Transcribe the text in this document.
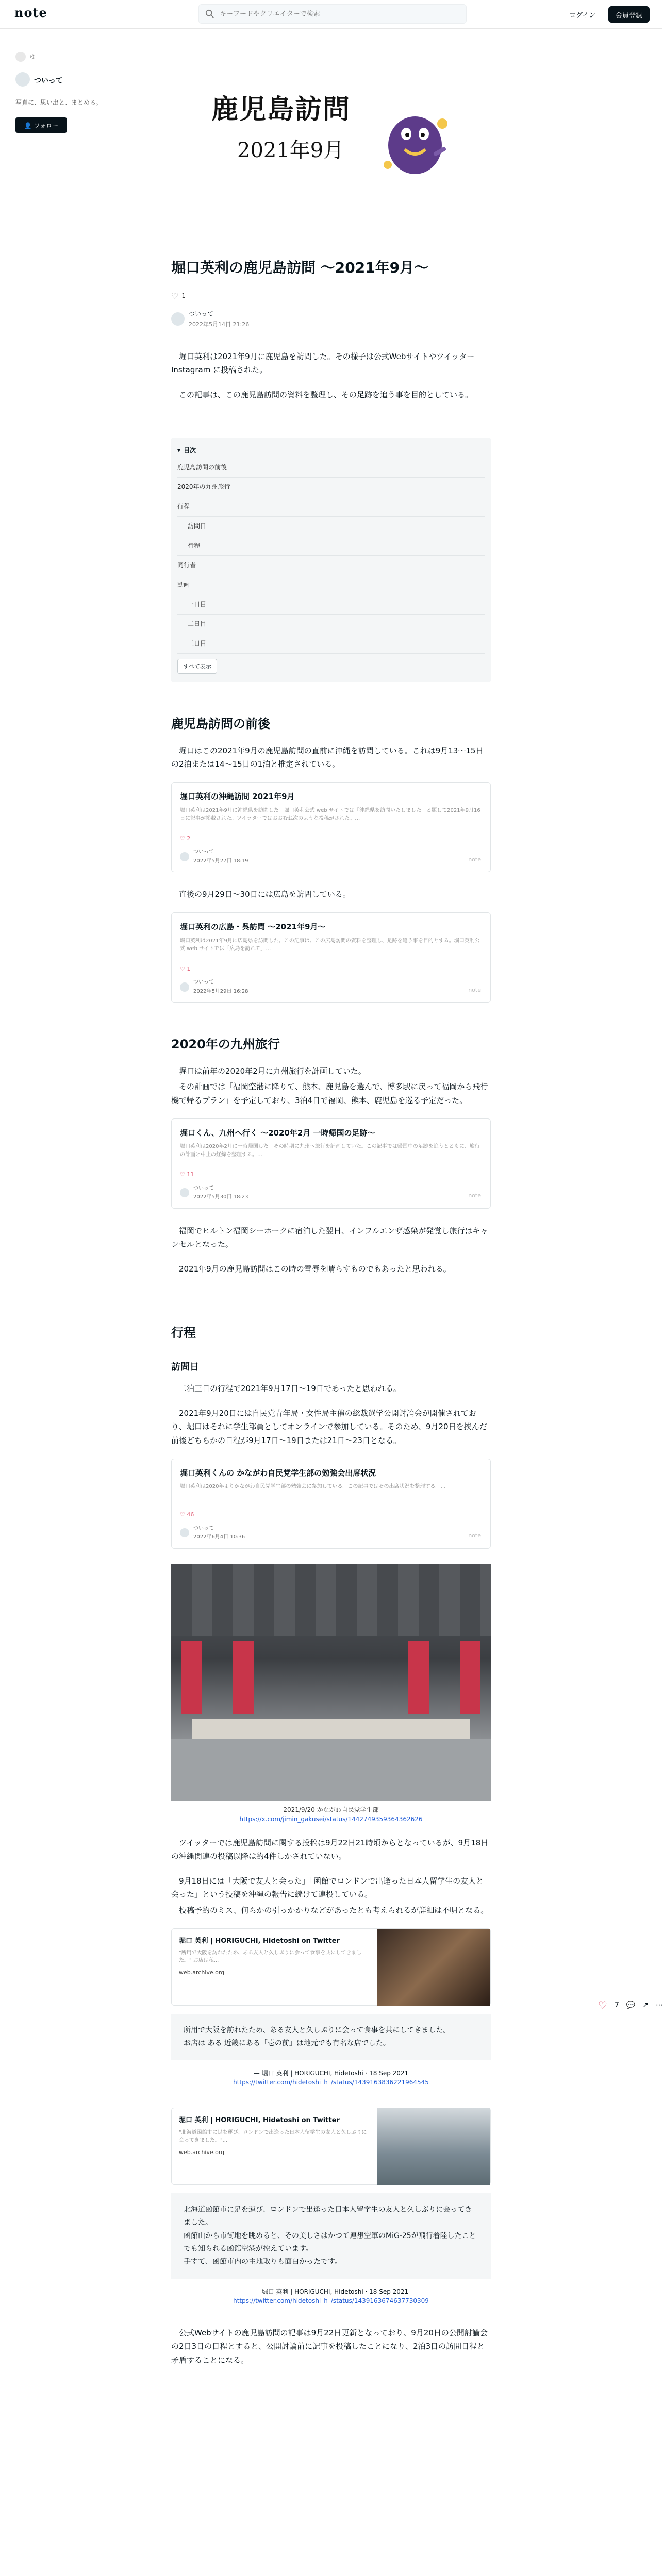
note
キーワードやクリエイターで検索	ログイン	会員登録
ゆ
ついって
写真に、思い出と、まとめる。
👤 フォロー
鹿児島訪問
2021年9月
堀口英利の鹿児島訪問 〜2021年9月〜
♡ 1
ついって
2022年5月14日 21:26

堀口英利は2021年9月に鹿児島を訪問した。その様子は公式WebサイトやツイッターInstagram に投稿された。

この記事は、この鹿児島訪問の資料を整理し、その足跡を追う事を目的としている。

▾ 目次
鹿児島訪問の前後
2020年の九州旅行
行程
訪問日
行程
同行者
動画
一日目
二日目
三日目
すべて表示
鹿児島訪問の前後

堀口はこの2021年9月の鹿児島訪問の直前に沖縄を訪問している。これは9月13〜15日の2泊または14〜15日の1泊と推定されている。

堀口英利の沖縄訪問 2021年9月
堀口英利は2021年9月に沖縄県を訪問した。堀口英利公式 web サイトでは「沖縄県を訪問いたしました」と題して2021年9月16日に記事が掲載された。ツイッターではおおむね次のような投稿がされた。…
♡ 2
ついって
2022年5月27日 18:19	note

直後の9月29日〜30日には広島を訪問している。

堀口英利の広島・呉訪問 〜2021年9月〜
堀口英利は2021年9月に広島県を訪問した。この記事は、この広島訪問の資料を整理し、足跡を追う事を目的とする。堀口英利公式 web サイトでは「広島を訪れて」…
♡ 1
ついって
2022年5月29日 16:28	note
2020年の九州旅行

堀口は前年の2020年2月に九州旅行を計画していた。

その計画では「福岡空港に降りて、熊本、鹿児島を選んで、博多駅に戻って福岡から飛行機で帰るプラン」を予定しており、3泊4日で福岡、熊本、鹿児島を巡る予定だった。

堀口くん、九州へ行く 〜2020年2月 一時帰国の足跡〜
堀口英利は2020年2月に一時帰国した。その時期に九州へ旅行を計画していた。この記事では帰国中の足跡を追うとともに、旅行の計画と中止の経緯を整理する。…
♡ 11
ついって
2022年5月30日 18:23	note

福岡でヒルトン福岡シーホークに宿泊した翌日、インフルエンザ感染が発覚し旅行はキャンセルとなった。

2021年9月の鹿児島訪問はこの時の雪辱を晴らすものでもあったと思われる。

行程
訪問日

二泊三日の行程で2021年9月17日〜19日であったと思われる。

2021年9月20日には自民党青年局・女性局主催の総裁選学公開討論会が開催されており、堀口はそれに学生部員としてオンラインで参加している。そのため、9月20日を挟んだ前後どちらかの日程が9月17日〜19日または21日〜23日となる。

堀口英利くんの かながわ自民党学生部の勉強会出席状況
堀口英利は2020年よりかながわ自民党学生部の勉強会に参加している。この記事ではその出席状況を整理する。…
♡ 46
ついって
2022年6月4日 10:36	note
2021/9/20 かながわ自民党学生部
https://x.com/jimin_gakusei/status/1442749359364362626

ツイッターでは鹿児島訪問に関する投稿は9月22日21時頃からとなっているが、9月18日の沖縄関連の投稿以降は約4件しかされていない。

9月18日には「大阪で友人と会った」「函館でロンドンで出逢った日本人留学生の友人と会った」という投稿を沖縄の報告に続けて連投している。

投稿予約のミス、何らかの引っかかりなどがあったとも考えられるが詳細は不明となる。

堀口 英利 | HORIGUCHI, Hidetoshi on Twitter
"所用で大阪を訪れたため、ある友人と久しぶりに会って食事を共にしてきました。" お店は私...
web.archive.org
所用で大阪を訪れたため、ある友人と久しぶりに会って食事を共にしてきました。
お店は ある 近畿にある「壱の前」は地元でも有名な店でした。
— 堀口 英利 | HORIGUCHI, Hidetoshi · 18 Sep 2021
https://twitter.com/hidetoshi_h_/status/1439163836221964545
堀口 英利 | HORIGUCHI, Hidetoshi on Twitter
"北海道函館市に足を運び、ロンドンで出逢った日本人留学生の友人と久しぶりに会ってきました。"...
web.archive.org
北海道函館市に足を運び、ロンドンで出逢った日本人留学生の友人と久しぶりに会ってきました。
函館山から市街地を眺めると、その美しさはかつて連想空軍のMiG-25が飛行着陸したことでも知られる函館空港が控えています。
手すて、函館市内の主地取りも面白かったです。
— 堀口 英利 | HORIGUCHI, Hidetoshi · 18 Sep 2021
https://twitter.com/hidetoshi_h_/status/1439163674637730309

公式Webサイトの鹿児島訪問の記事は9月22日更新となっており、9月20日の公開討論会の2日3日の日程とすると、公開討論前に記事を投稿したことになり、2泊3日の訪問日程と矛盾することになる。

♡ 7 💬 ↗ ⋯
